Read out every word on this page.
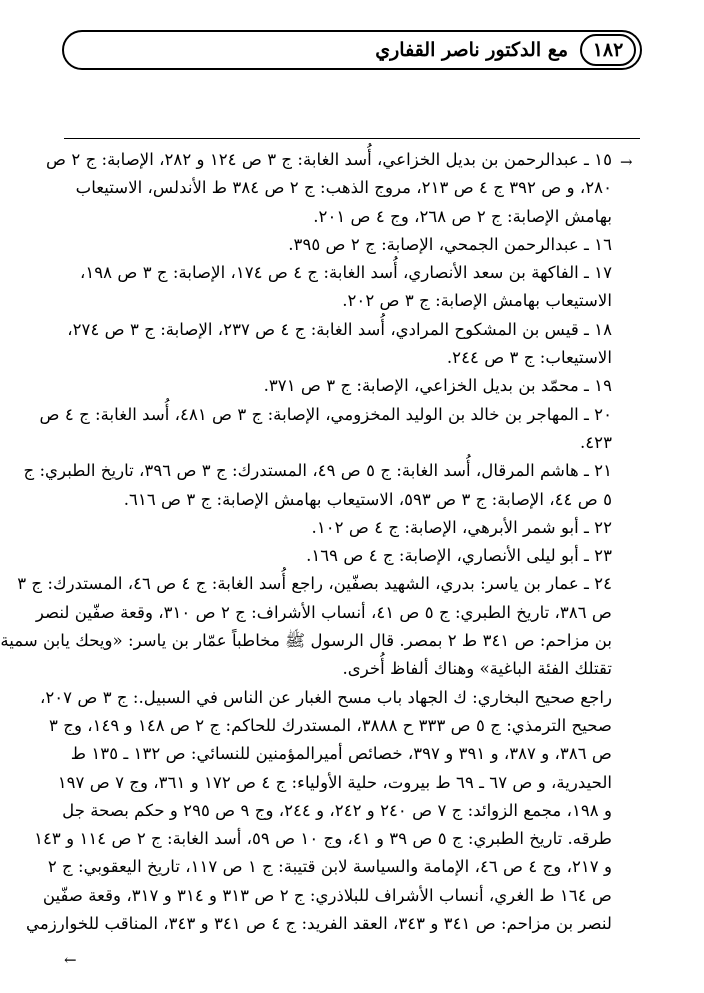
مع الدكتور ناصر القفاري	١٨٢
→
١٥ ـ عبدالرحمن بن بديل الخزاعي، أُسد الغابة: ج ٣ ص ١٢٤ و ٢٨٢، الإصابة: ج ٢ ص
٢٨٠، و ص ٣٩٢ ج ٤ ص ٢١٣، مروج الذهب: ج ٢ ص ٣٨٤ ط الأندلس، الاستيعاب
بهامش الإصابة: ج ٢ ص ٢٦٨، وج ٤ ص ٢٠١.
١٦ ـ عبدالرحمن الجمحي، الإصابة: ج ٢ ص ٣٩٥.
١٧ ـ الفاكهة بن سعد الأنصاري، أُسد الغابة: ج ٤ ص ١٧٤، الإصابة: ج ٣ ص ١٩٨،
الاستيعاب بهامش الإصابة: ج ٣ ص ٢٠٢.
١٨ ـ قيس بن المشكوح المرادي، أُسد الغابة: ج ٤ ص ٢٣٧، الإصابة: ج ٣ ص ٢٧٤،
الاستيعاب: ج ٣ ص ٢٤٤.
١٩ ـ محمّد بن بديل الخزاعي، الإصابة: ج ٣ ص ٣٧١.
٢٠ ـ المهاجر بن خالد بن الوليد المخزومي، الإصابة: ج ٣ ص ٤٨١، أُسد الغابة: ج ٤ ص
٤٢٣.
٢١ ـ هاشم المرقال، أُسد الغابة: ج ٥ ص ٤٩، المستدرك: ج ٣ ص ٣٩٦، تاريخ الطبري: ج
٥ ص ٤٤، الإصابة: ج ٣ ص ٥٩٣، الاستيعاب بهامش الإصابة: ج ٣ ص ٦١٦.
٢٢ ـ أبو شمر الأبرهي، الإصابة: ج ٤ ص ١٠٢.
٢٣ ـ أبو ليلى الأنصاري، الإصابة: ج ٤ ص ١٦٩.
٢٤ ـ عمار بن ياسر: بدري، الشهيد بصفّين، راجع أُسد الغابة: ج ٤ ص ٤٦، المستدرك: ج ٣
ص ٣٨٦، تاريخ الطبري: ج ٥ ص ٤١، أنساب الأشراف: ج ٢ ص ٣١٠، وقعة صفّين لنصر
بن مزاحم: ص ٣٤١ ط ٢ بمصر. قال الرسول ﷺ مخاطباً عمّار بن ياسر: «ويحك يابن سمية
تقتلك الفئة الباغية» وهناك ألفاظ أُخرى.
راجع صحيح البخاري: ك الجهاد باب مسح الغبار عن الناس في السبيل.: ج ٣ ص ٢٠٧،
صحيح الترمذي: ج ٥ ص ٣٣٣ ح ٣٨٨٨، المستدرك للحاكم: ج ٢ ص ١٤٨ و ١٤٩، وج ٣
ص ٣٨٦، و ٣٨٧، و ٣٩١ و ٣٩٧، خصائص أميرالمؤمنين للنسائي: ص ١٣٢ ـ ١٣٥ ط
الحيدرية، و ص ٦٧ ـ ٦٩ ط بيروت، حلية الأولياء: ج ٤ ص ١٧٢ و ٣٦١، وج ٧ ص ١٩٧
و ١٩٨، مجمع الزوائد: ج ٧ ص ٢٤٠ و ٢٤٢، و ٢٤٤، وج ٩ ص ٢٩٥ و حكم بصحة جل
طرقه. تاريخ الطبري: ج ٥ ص ٣٩ و ٤١، وج ١٠ ص ٥٩، أسد الغابة: ج ٢ ص ١١٤ و ١٤٣
و ٢١٧، وج ٤ ص ٤٦، الإمامة والسياسة لابن قتيبة: ج ١ ص ١١٧، تاريخ اليعقوبي: ج ٢
ص ١٦٤ ط الغري، أنساب الأشراف للبلاذري: ج ٢ ص ٣١٣ و ٣١٤ و ٣١٧، وقعة صفّين
لنصر بن مزاحم: ص ٣٤١ و ٣٤٣، العقد الفريد: ج ٤ ص ٣٤١ و ٣٤٣، المناقب للخوارزمي
←
